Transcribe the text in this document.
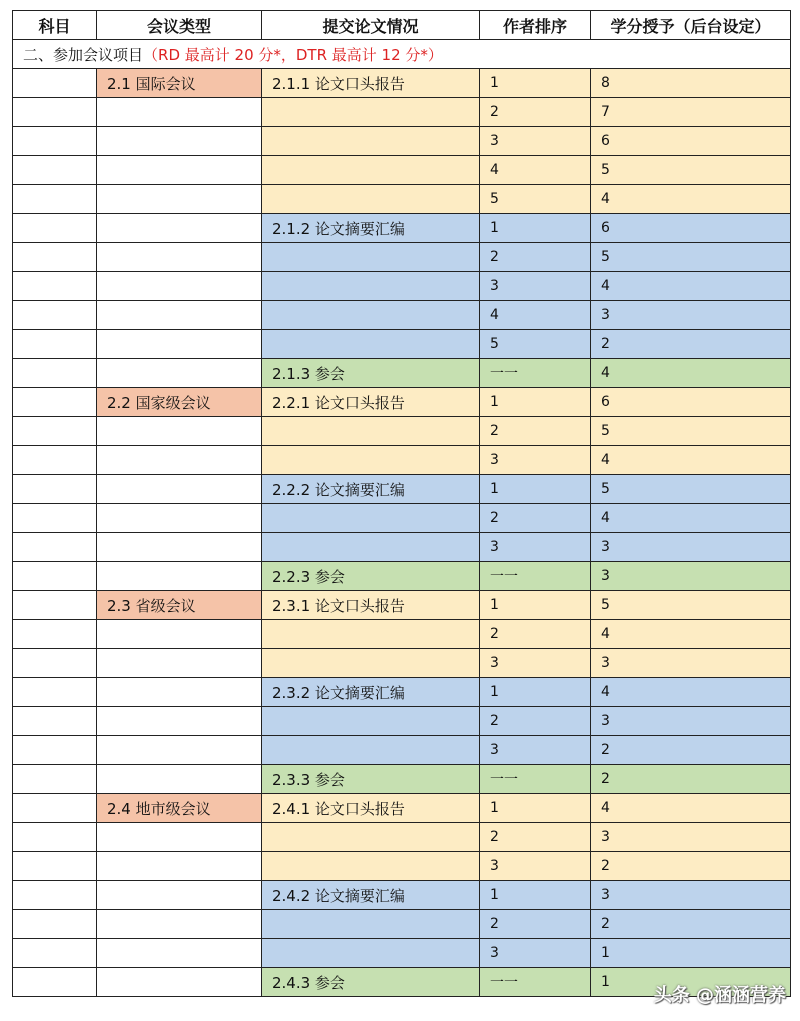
科目	会议类型	提交论文情况	作者排序	学分授予（后台设定）
二、参加会议项目（RD 最高计 20 分*，DTR 最高计 12 分*）				
	2.1 国际会议	2.1.1 论文口头报告	1	8
			2	7
			3	6
			4	5
			5	4
		2.1.2 论文摘要汇编	1	6
			2	5
			3	4
			4	3
			5	2
		2.1.3 参会	一一	4
	2.2 国家级会议	2.2.1 论文口头报告	1	6
			2	5
			3	4
		2.2.2 论文摘要汇编	1	5
			2	4
			3	3
		2.2.3 参会	一一	3
	2.3 省级会议	2.3.1 论文口头报告	1	5
			2	4
			3	3
		2.3.2 论文摘要汇编	1	4
			2	3
			3	2
		2.3.3 参会	一一	2
	2.4 地市级会议	2.4.1 论文口头报告	1	4
			2	3
			3	2
		2.4.2 论文摘要汇编	1	3
			2	2
			3	1
		2.4.3 参会	一一	1
头条 @涵涵营养
